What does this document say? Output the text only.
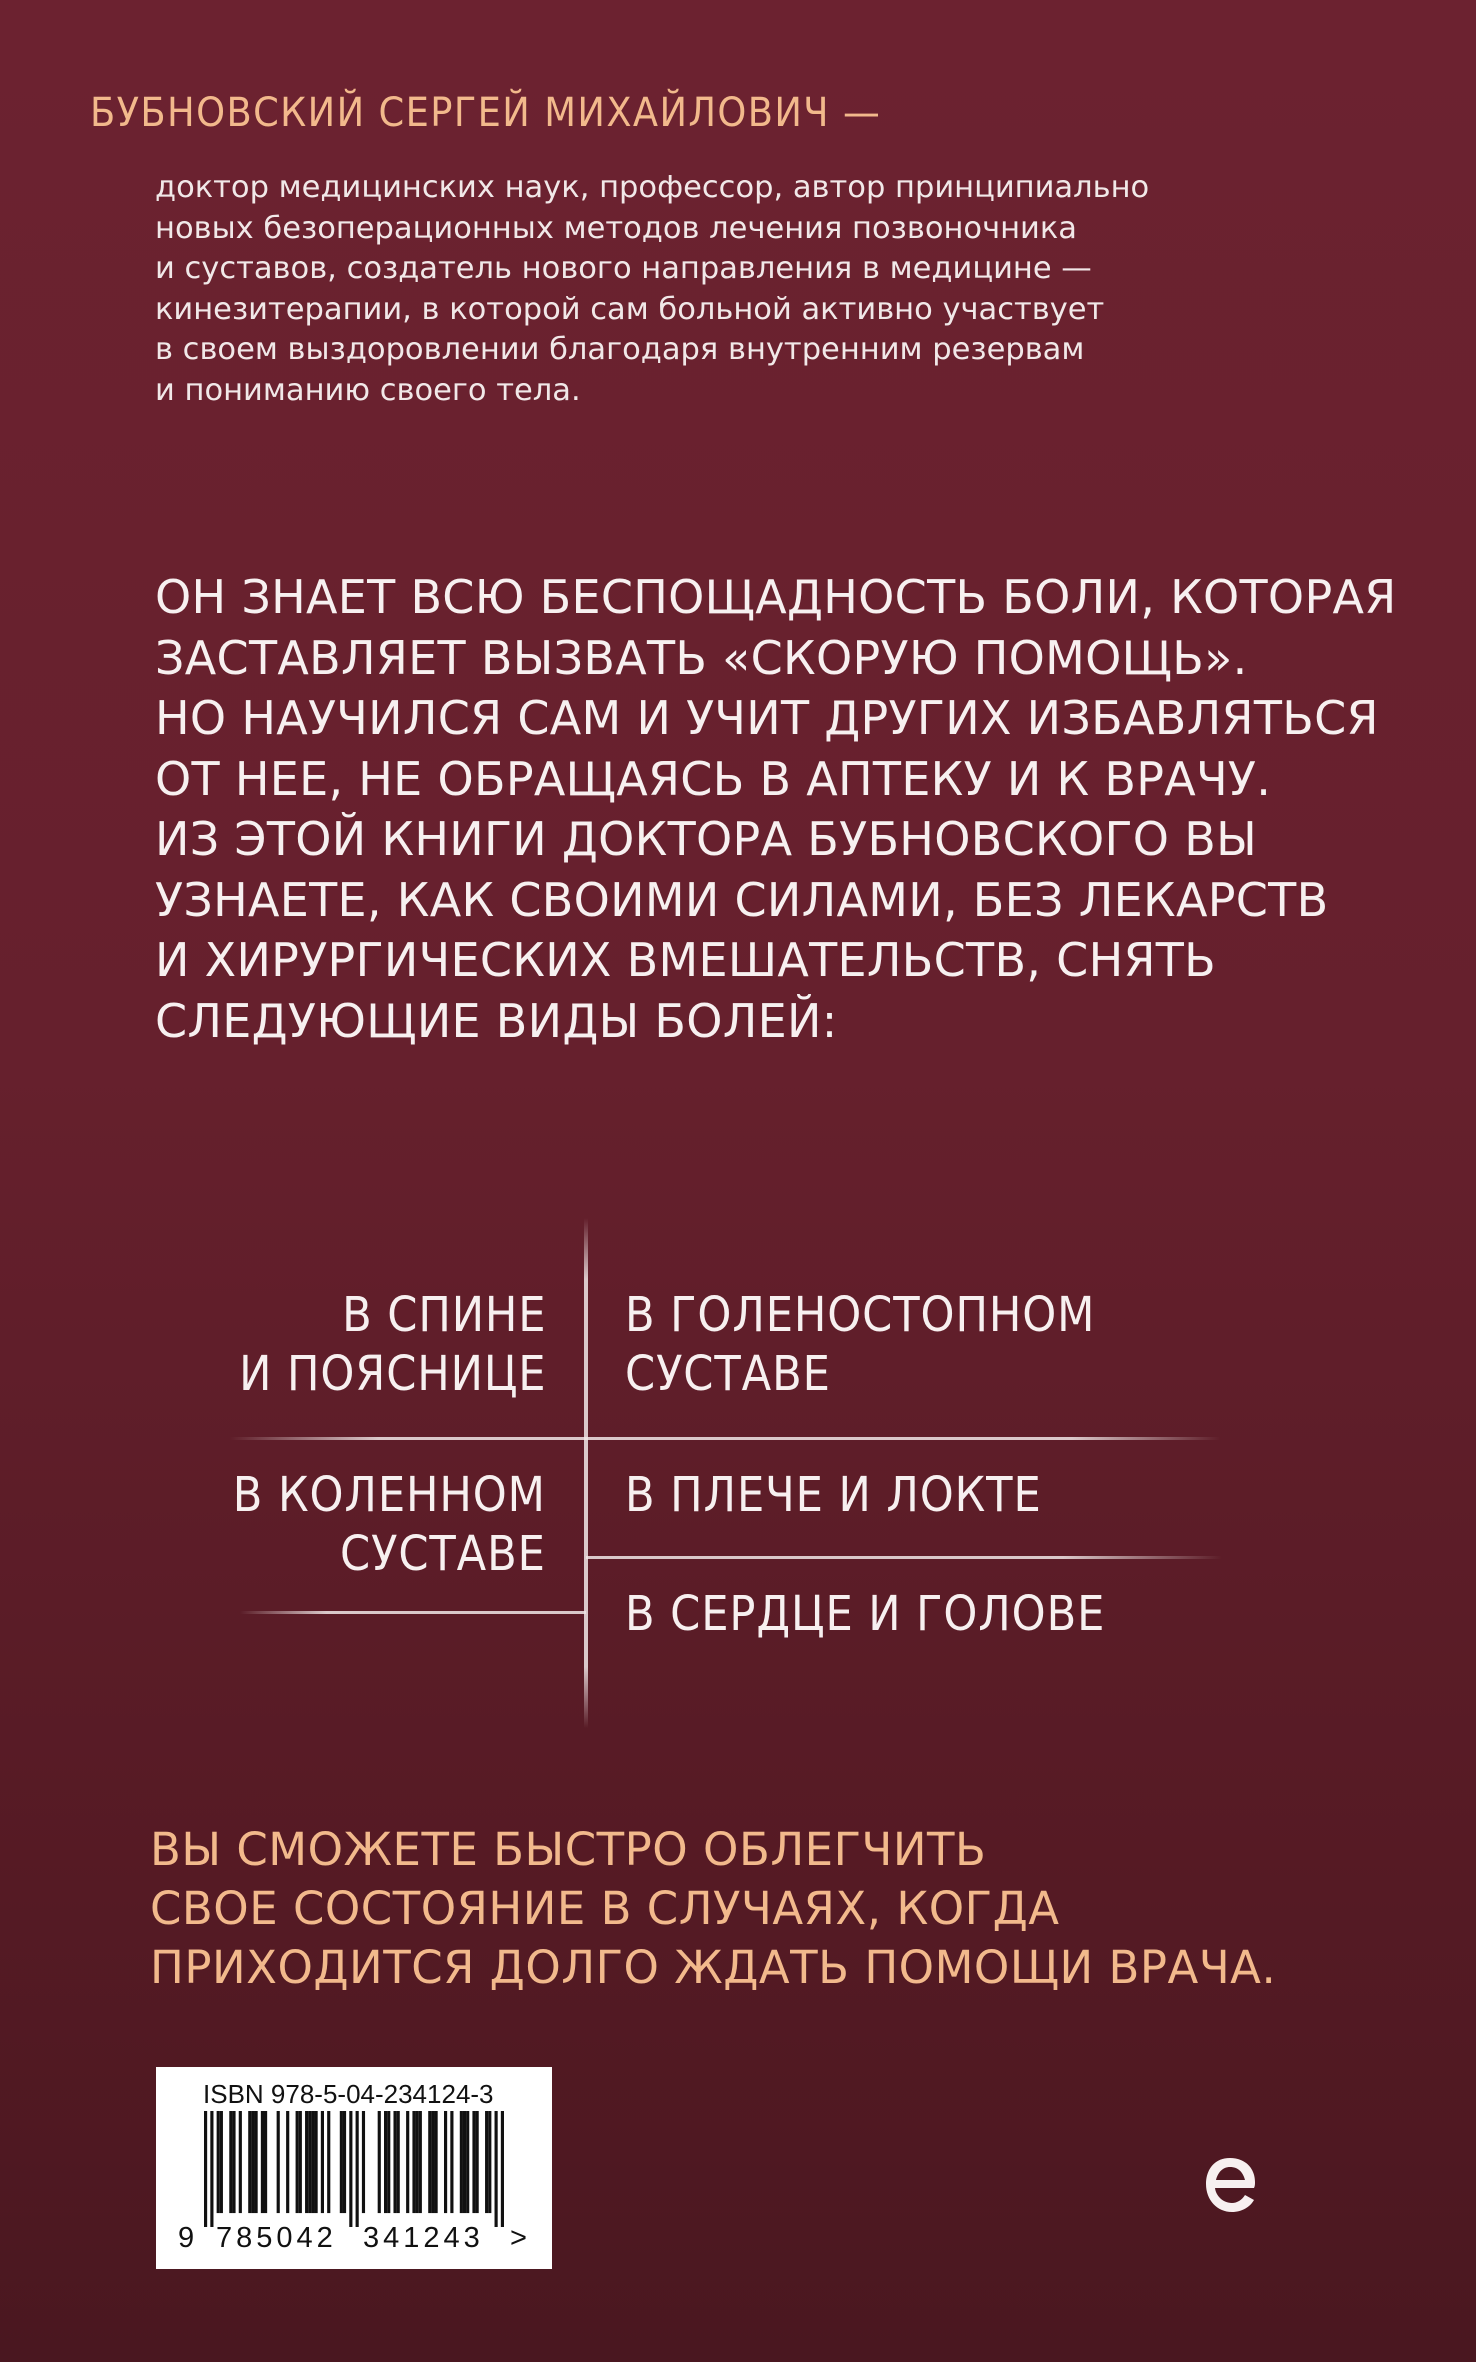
БУБНОВСКИЙ СЕРГЕЙ МИХАЙЛОВИЧ —

доктор медицинских наук, профессор, автор принципиально
новых безоперационных методов лечения позвоночника
и суставов, создатель нового направления в медицине —
кинезитерапии, в которой сам больной активно участвует
в своем выздоровлении благодаря внутренним резервам
и пониманию своего тела.

ОН ЗНАЕТ ВСЮ БЕСПОЩАДНОСТЬ БОЛИ, КОТОРАЯ
ЗАСТАВЛЯЕТ ВЫЗВАТЬ «СКОРУЮ ПОМОЩЬ».
НО НАУЧИЛСЯ САМ И УЧИТ ДРУГИХ ИЗБАВЛЯТЬСЯ
ОТ НЕЕ, НЕ ОБРАЩАЯСЬ В АПТЕКУ И К ВРАЧУ.
ИЗ ЭТОЙ КНИГИ ДОКТОРА БУБНОВСКОГО ВЫ
УЗНАЕТЕ, КАК СВОИМИ СИЛАМИ, БЕЗ ЛЕКАРСТВ
И ХИРУРГИЧЕСКИХ ВМЕШАТЕЛЬСТВ, СНЯТЬ
СЛЕДУЮЩИЕ ВИДЫ БОЛЕЙ:

В СПИНЕ
И ПОЯСНИЦЕ

В ГОЛЕНОСТОПНОМ
СУСТАВЕ

В КОЛЕННОМ
СУСТАВЕ

В ПЛЕЧЕ И ЛОКТЕ

В СЕРДЦЕ И ГОЛОВЕ

ВЫ СМОЖЕТЕ БЫСТРО ОБЛЕГЧИТЬ
СВОЕ СОСТОЯНИЕ В СЛУЧАЯХ, КОГДА
ПРИХОДИТСЯ ДОЛГО ЖДАТЬ ПОМОЩИ ВРАЧА.

ISBN 978-5-04-234124-3
9 785042 341243 >
